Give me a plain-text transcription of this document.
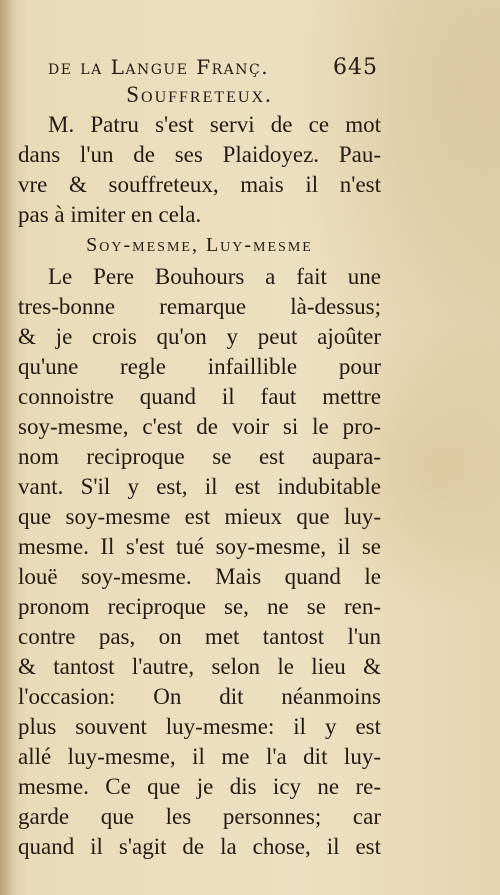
de la Langue Franç.	645
Souffreteux.
M. Patru s'est servi de ce mot
dans l'un de ses Plaidoyez. Pau-
vre & souffreteux, mais il n'est
pas à imiter en cela.
Soy-mesme, Luy-mesme
Le Pere Bouhours a fait une
tres-bonne remarque là-dessus;
& je crois qu'on y peut ajoûter
qu'une regle infaillible pour
connoistre quand il faut mettre
soy-mesme, c'est de voir si le pro-
nom reciproque se est aupara-
vant. S'il y est, il est indubitable
que soy-mesme est mieux que luy-
mesme. Il s'est tué soy-mesme, il se
louë soy-mesme. Mais quand le
pronom reciproque se, ne se ren-
contre pas, on met tantost l'un
& tantost l'autre, selon le lieu &
l'occasion: On dit néanmoins
plus souvent luy-mesme: il y est
allé luy-mesme, il me l'a dit luy-
mesme. Ce que je dis icy ne re-
garde que les personnes; car
quand il s'agit de la chose, il est
